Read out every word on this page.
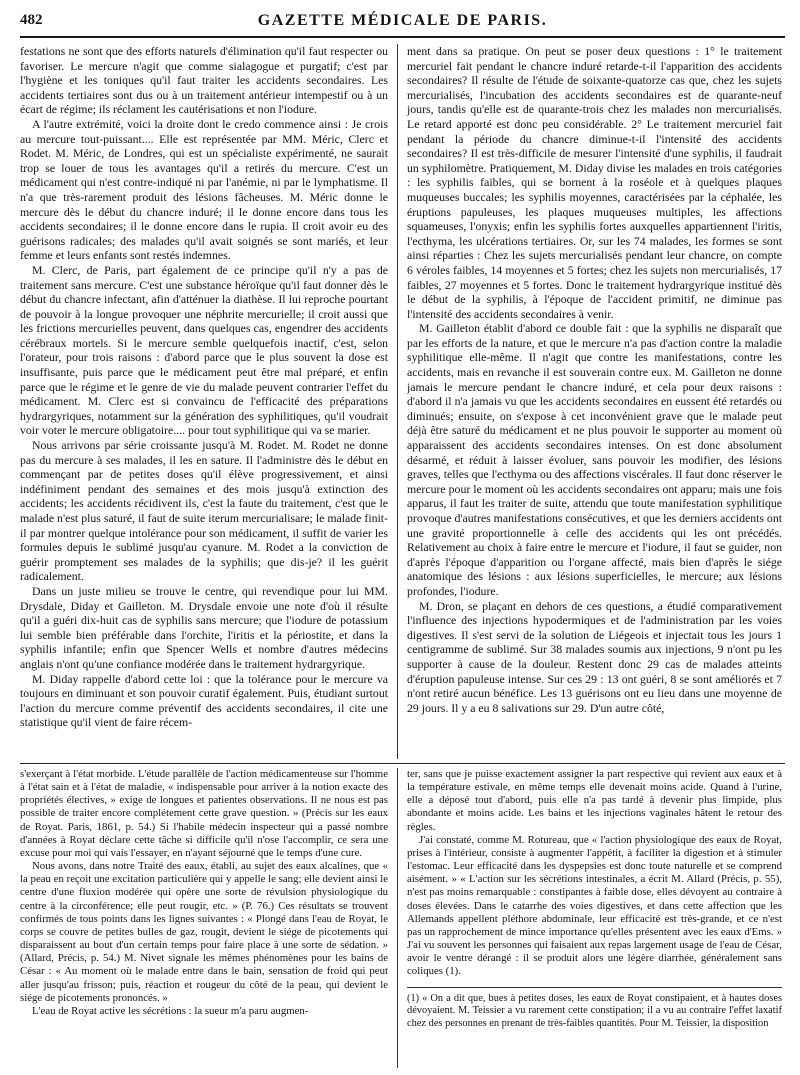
482	GAZETTE MÉDICALE DE PARIS.

festations ne sont que des efforts naturels d'élimination qu'il faut respecter ou favoriser. Le mercure n'agit que comme sialagogue et purgatif; c'est par l'hygiène et les toniques qu'il faut traiter les accidents secondaires. Les accidents tertiaires sont dus ou à un traitement antérieur intempestif ou à un écart de régime; ils réclament les cautérisations et non l'iodure.

A l'autre extrémité, voici la droite dont le credo commence ainsi : Je crois au mercure tout-puissant.... Elle est représentée par MM. Méric, Clerc et Rodet. M. Méric, de Londres, qui est un spécialiste expérimenté, ne saurait trop se louer de tous les avantages qu'il a retirés du mercure. C'est un médicament qui n'est contre-indiqué ni par l'anémie, ni par le lymphatisme. Il n'a que très-rarement produit des lésions fâcheuses. M. Méric donne le mercure dès le début du chancre induré; il le donne encore dans tous les accidents secondaires; il le donne encore dans le rupia. Il croit avoir eu des guérisons radicales; des malades qu'il avait soignés se sont mariés, et leur femme et leurs enfants sont restés indemnes.

M. Clerc, de Paris, part également de ce principe qu'il n'y a pas de traitement sans mercure. C'est une substance héroïque qu'il faut donner dès le début du chancre infectant, afin d'atténuer la diathèse. Il lui reproche pourtant de pouvoir à la longue provoquer une néphrite mercurielle; il croit aussi que les frictions mercurielles peuvent, dans quelques cas, engendrer des accidents cérébraux mortels. Si le mercure semble quelquefois inactif, c'est, selon l'orateur, pour trois raisons : d'abord parce que le plus souvent la dose est insuffisante, puis parce que le médicament peut être mal préparé, et enfin parce que le régime et le genre de vie du malade peuvent contrarier l'effet du médicament. M. Clerc est si convaincu de l'efficacité des préparations hydrargyriques, notamment sur la génération des syphilitiques, qu'il voudrait voir voter le mercure obligatoire.... pour tout syphilitique qui va se marier.

Nous arrivons par série croissante jusqu'à M. Rodet. M. Rodet ne donne pas du mercure à ses malades, il les en sature. Il l'administre dès le début en commençant par de petites doses qu'il élève progressivement, et ainsi indéfiniment pendant des semaines et des mois jusqu'à extinction des accidents; les accidents récidivent ils, c'est la faute du traitement, c'est que le malade n'est plus saturé, il faut de suite iterum mercurialisare; le malade finit-il par montrer quelque intolérance pour son médicament, il suffit de varier les formules depuis le sublimé jusqu'au cyanure. M. Rodet a la conviction de guérir promptement ses malades de la syphilis; que dis-je? il les guérit radicalement.

Dans un juste milieu se trouve le centre, qui revendique pour lui MM. Drysdale, Diday et Gailleton. M. Drysdale envoie une note d'où il résulte qu'il a guéri dix-huit cas de syphilis sans mercure; que l'iodure de potassium lui semble bien préférable dans l'orchite, l'iritis et la périostite, et dans la syphilis infantile; enfin que Spencer Wells et nombre d'autres médecins anglais n'ont qu'une confiance modérée dans le traitement hydrargyrique.

M. Diday rappelle d'abord cette loi : que la tolérance pour le mercure va toujours en diminuant et son pouvoir curatif également. Puis, étudiant surtout l'action du mercure comme préventif des accidents secondaires, il cite une statistique qu'il vient de faire récem-

ment dans sa pratique. On peut se poser deux questions : 1° le traitement mercuriel fait pendant le chancre induré retarde-t-il l'apparition des accidents secondaires? Il résulte de l'étude de soixante-quatorze cas que, chez les sujets mercurialisés, l'incubation des accidents secondaires est de quarante-neuf jours, tandis qu'elle est de quarante-trois chez les malades non mercurialisés. Le retard apporté est donc peu considérable. 2° Le traitement mercuriel fait pendant la période du chancre diminue-t-il l'intensité des accidents secondaires? Il est très-difficile de mesurer l'intensité d'une syphilis, il faudrait un syphilomètre. Pratiquement, M. Diday divise les malades en trois catégories : les syphilis faibles, qui se bornent à la roséole et à quelques plaques muqueuses buccales; les syphilis moyennes, caractérisées par la céphalée, les éruptions papuleuses, les plaques muqueuses multiples, les affections squameuses, l'onyxis; enfin les syphilis fortes auxquelles appartiennent l'iritis, l'ecthyma, les ulcérations tertiaires. Or, sur les 74 malades, les formes se sont ainsi réparties : Chez les sujets mercurialisés pendant leur chancre, on compte 6 véroles faibles, 14 moyennes et 5 fortes; chez les sujets non mercurialisés, 17 faibles, 27 moyennes et 5 fortes. Donc le traitement hydrargyrique institué dès le début de la syphilis, à l'époque de l'accident primitif, ne diminue pas l'intensité des accidents secondaires à venir.

M. Gailleton établit d'abord ce double fait : que la syphilis ne disparaît que par les efforts de la nature, et que le mercure n'a pas d'action contre la maladie syphilitique elle-même. Il n'agit que contre les manifestations, contre les accidents, mais en revanche il est souverain contre eux. M. Gailleton ne donne jamais le mercure pendant le chancre induré, et cela pour deux raisons : d'abord il n'a jamais vu que les accidents secondaires en eussent été retardés ou diminués; ensuite, on s'expose à cet inconvénient grave que le malade peut déjà être saturé du médicament et ne plus pouvoir le supporter au moment où apparaissent des accidents secondaires intenses. On est donc absolument désarmé, et réduit à laisser évoluer, sans pouvoir les modifier, des lésions graves, telles que l'ecthyma ou des affections viscérales. Il faut donc réserver le mercure pour le moment où les accidents secondaires ont apparu; mais une fois apparus, il faut les traiter de suite, attendu que toute manifestation syphilitique provoque d'autres manifestations consécutives, et que les derniers accidents ont une gravité proportionnelle à celle des accidents qui les ont précédés. Relativement au choix à faire entre le mercure et l'iodure, il faut se guider, non d'après l'époque d'apparition ou l'organe affecté, mais bien d'après le siége anatomique des lésions : aux lésions superficielles, le mercure; aux lésions profondes, l'iodure.

M. Dron, se plaçant en dehors de ces questions, a étudié comparativement l'influence des injections hypodermiques et de l'administration par les voies digestives. Il s'est servi de la solution de Liégeois et injectait tous les jours 1 centigramme de sublimé. Sur 38 malades soumis aux injections, 9 n'ont pu les supporter à cause de la douleur. Restent donc 29 cas de malades atteints d'éruption papuleuse intense. Sur ces 29 : 13 ont guéri, 8 se sont améliorés et 7 n'ont retiré aucun bénéfice. Les 13 guérisons ont eu lieu dans une moyenne de 29 jours. Il y a eu 8 salivations sur 29. D'un autre côté,

s'exerçant à l'état morbide. L'étude parallèle de l'action médicamenteuse sur l'homme à l'état sain et à l'état de maladie, « indispensable pour arriver à la notion exacte des propriétés électives, » exige de longues et patientes observations. Il ne nous est pas possible de traiter encore complétement cette grave question. » (Précis sur les eaux de Royat. Paris, 1861, p. 54.) Si l'habile médecin inspecteur qui a passé nombre d'années à Royat déclare cette tâche si difficile qu'il n'ose l'accomplir, ce sera une excuse pour moi qui vais l'essayer, en n'ayant séjourné que le temps d'une cure.

Nous avons, dans notre Traité des eaux, établi, au sujet des eaux alcalines, que « la peau en reçoit une excitation particulière qui y appelle le sang; elle devient ainsi le centre d'une fluxion modérée qui opère une sorte de révulsion physiologique du centre à la circonférence; elle peut rougir, etc. » (P. 76.) Ces résultats se trouvent confirmés de tous points dans les lignes suivantes : « Plongé dans l'eau de Royat, le corps se couvre de petites bulles de gaz, rougit, devient le siége de picotements qui disparaissent au bout d'un certain temps pour faire place à une sorte de sédation. » (Allard, Précis, p. 54.) M. Nivet signale les mêmes phénomènes pour les bains de César : « Au moment où le malade entre dans le bain, sensation de froid qui peut aller jusqu'au frisson; puis, réaction et rougeur du côté de la peau, qui devient le siége de picotements prononcés. »

L'eau de Royat active les sécrétions : la sueur m'a paru augmen-

ter, sans que je puisse exactement assigner la part respective qui revient aux eaux et à la température estivale, en même temps elle devenait moins acide. Quand à l'urine, elle a déposé tout d'abord, puis elle n'a pas tardé à devenir plus limpide, plus abondante et moins acide. Les bains et les injections vaginales hâtent le retour des règles.

J'ai constaté, comme M. Rotureau, que « l'action physiologique des eaux de Royat, prises à l'intérieur, consiste à augmenter l'appétit, à faciliter la digestion et à stimuler l'estomac. Leur efficacité dans les dyspepsies est donc toute naturelle et se comprend aisément. » « L'action sur les sécrétions intestinales, a écrit M. Allard (Précis, p. 55), n'est pas moins remarquable : constipantes à faible dose, elles dévoyent au contraire à doses élevées. Dans le catarrhe des voies digestives, et dans cette affection que les Allemands appellent pléthore abdominale, leur efficacité est très-grande, et ce n'est pas un rapprochement de mince importance qu'elles présentent avec les eaux d'Ems. » J'ai vu souvent les personnes qui faisaient aux repas largement usage de l'eau de César, avoir le ventre dérangé : il se produit alors une légère diarrhée, généralement sans coliques (1).

(1) « On a dit que, bues à petites doses, les eaux de Royat constipaient, et à hautes doses dévoyaient. M. Teissier a vu rarement cette constipation; il a vu au contraire l'effet laxatif chez des personnes en prenant de très-faibles quantités. Pour M. Teissier, la disposition
